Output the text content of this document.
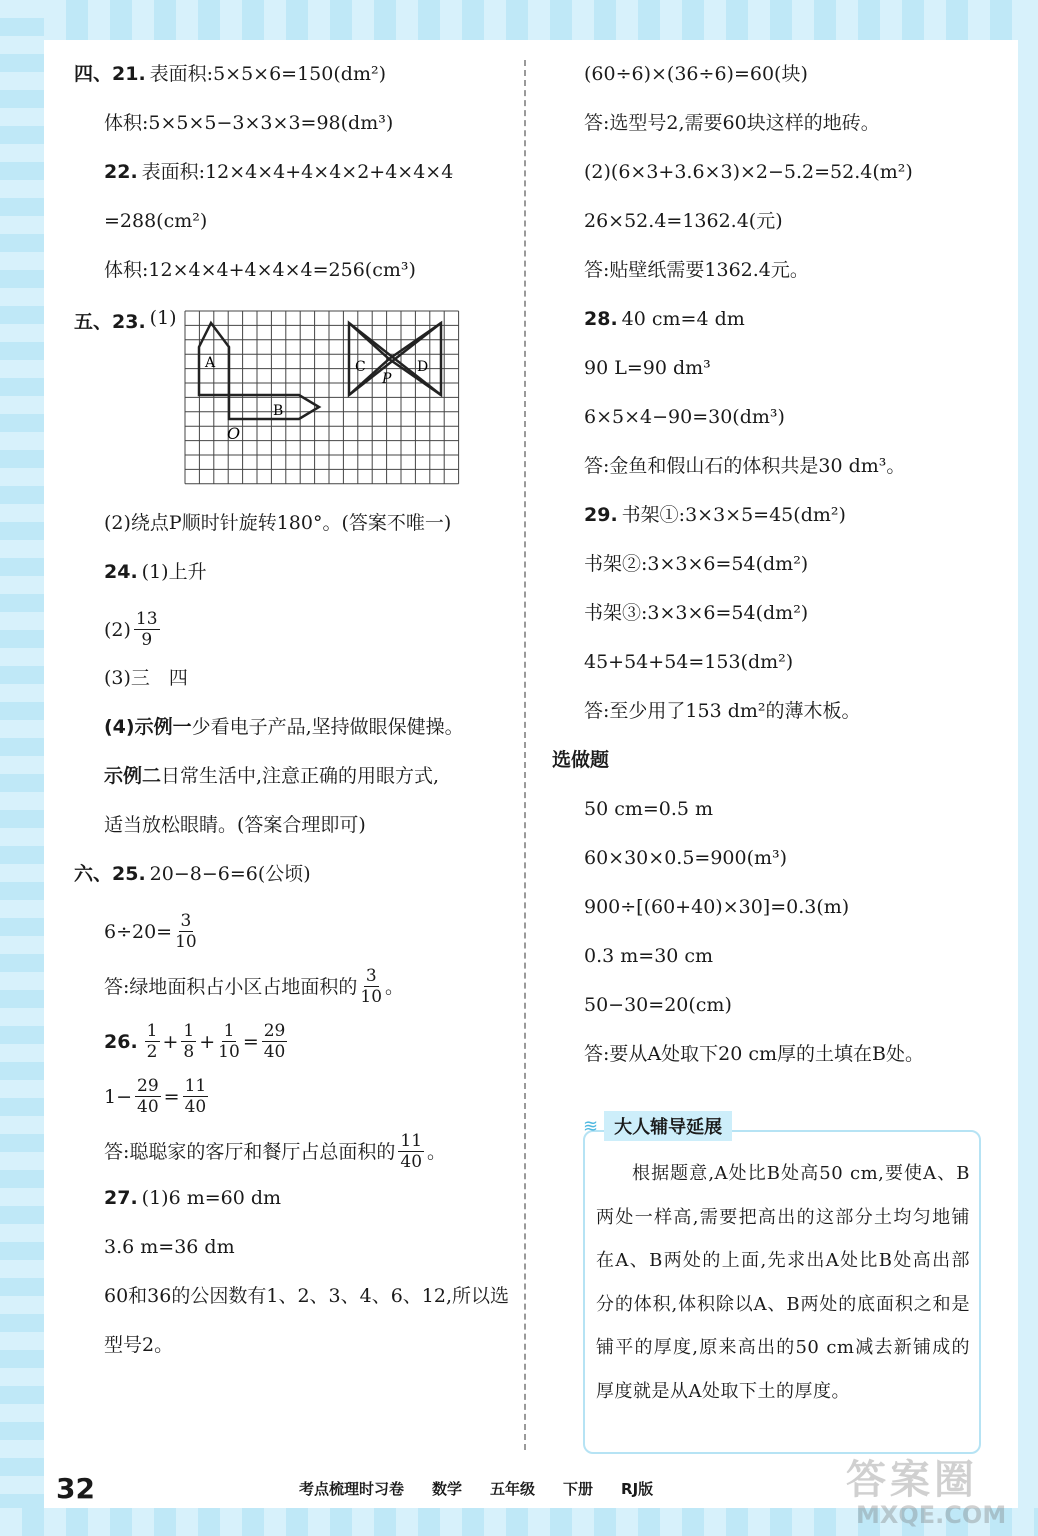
四、21. 表面积:5×5×6=150(dm²)
体积:5×5×5−3×3×3=98(dm³)
22. 表面积:12×4×4+4×4×2+4×4×4
=288(cm²)
体积:12×4×4+4×4×4=256(cm³)
五、23. (1)
A
B
C	D
O
P
(2)绕点P顺时针旋转180°。(答案不唯一)
24. (1)上升
$(2) \frac{13}{9}$
(3)三　四
(4)示例一 少看电子产品,坚持做眼保健操。
示例二 日常生活中,注意正确的用眼方式,
适当放松眼睛。(答案合理即可)
六、25. 20−8−6=6(公顷)
$6\div 20= \frac{3}{10}$
答:绿地面积占小区占地面积的 $\frac{3}{10}$ 。
26. $\frac{1}{2} + \frac{1}{8} + \frac{1}{10} = \frac{29}{40}$
$1- \frac{29}{40} = \frac{11}{40}$
答:聪聪家的客厅和餐厅占总面积的 $\frac{11}{40}$ 。
27. (1)6 m=60 dm
3.6 m=36 dm
60和36的公因数有1、2、3、4、6、12,所以选
型号2。
(60÷6)×(36÷6)=60(块)
答:选型号2,需要60块这样的地砖。
(2)(6×3+3.6×3)×2−5.2=52.4(m²)
26×52.4=1362.4(元)
答:贴壁纸需要1362.4元。
28. 40 cm=4 dm
90 L=90 dm³
6×5×4−90=30(dm³)
答:金鱼和假山石的体积共是30 dm³。
29. 书架①:3×3×5=45(dm²)
书架②:3×3×6=54(dm²)
书架③:3×3×6=54(dm²)
45+54+54=153(dm²)
答:至少用了153 dm²的薄木板。
选做题
50 cm=0.5 m
60×30×0.5=900(m³)
900÷[(60+40)×30]=0.3(m)
0.3 m=30 cm
50−30=20(cm)
答:要从A处取下20 cm厚的土填在B处。
≋ 大人辅导延展
根据题意,A处比B处高50 cm,要使A、B两处一样高,需要把高出的这部分土均匀地铺在A、B两处的上面,先求出A处比B处高出部分的体积,体积除以A、B两处的底面积之和是铺平的厚度,原来高出的50 cm减去新铺成的厚度就是从A处取下土的厚度。
32	考点梳理时习卷 数学 五年级 下册 RJ版	答案圈
MXQE.COM
